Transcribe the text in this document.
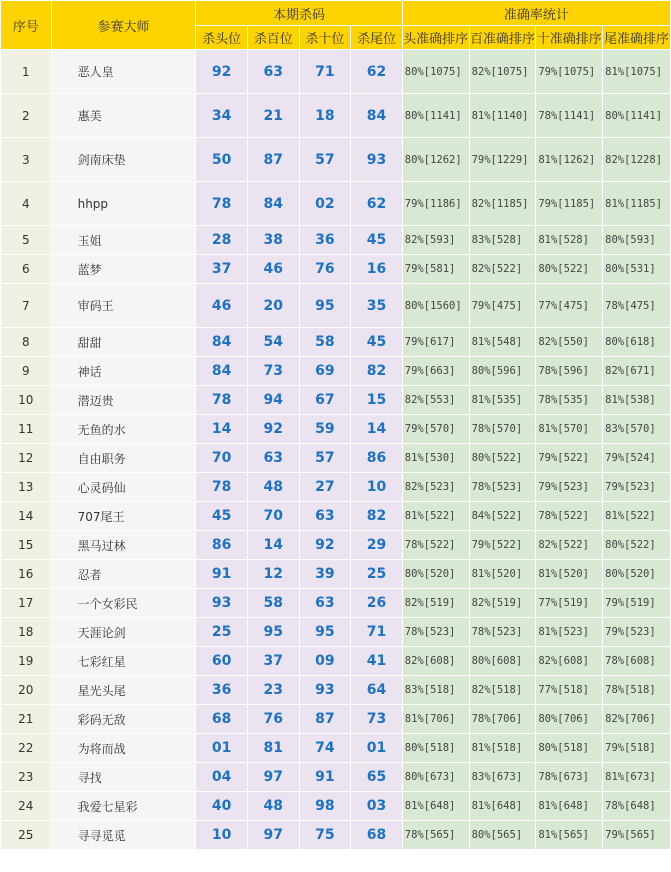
序号	参赛大师	本期杀码				准确率统计			
		杀头位	杀百位	杀十位	杀尾位	头准确排序	百准确排序	十准确排序	尾准确排序
1	恶人皇	92	63	71	62	80%[1075]	82%[1075]	79%[1075]	81%[1075]
2	惠美	34	21	18	84	80%[1141]	81%[1140]	78%[1141]	80%[1141]
3	剑南床垫	50	87	57	93	80%[1262]	79%[1229]	81%[1262]	82%[1228]
4	hhpp	78	84	02	62	79%[1186]	82%[1185]	79%[1185]	81%[1185]
5	玉姐	28	38	36	45	82%[593]	83%[528]	81%[528]	80%[593]
6	蓝梦	37	46	76	16	79%[581]	82%[522]	80%[522]	80%[531]
7	审码王	46	20	95	35	80%[1560]	79%[475]	77%[475]	78%[475]
8	甜甜	84	54	58	45	79%[617]	81%[548]	82%[550]	80%[618]
9	神话	84	73	69	82	79%[663]	80%[596]	78%[596]	82%[671]
10	潜迈贵	78	94	67	15	82%[553]	81%[535]	78%[535]	81%[538]
11	无鱼的水	14	92	59	14	79%[570]	78%[570]	81%[570]	83%[570]
12	自由职务	70	63	57	86	81%[530]	80%[522]	79%[522]	79%[524]
13	心灵码仙	78	48	27	10	82%[523]	78%[523]	79%[523]	79%[523]
14	707尾王	45	70	63	82	81%[522]	84%[522]	78%[522]	81%[522]
15	黑马过林	86	14	92	29	78%[522]	79%[522]	82%[522]	80%[522]
16	忍者	91	12	39	25	80%[520]	81%[520]	81%[520]	80%[520]
17	一个女彩民	93	58	63	26	82%[519]	82%[519]	77%[519]	79%[519]
18	天涯论剑	25	95	95	71	78%[523]	78%[523]	81%[523]	79%[523]
19	七彩红星	60	37	09	41	82%[608]	80%[608]	82%[608]	78%[608]
20	星光头尾	36	23	93	64	83%[518]	82%[518]	77%[518]	78%[518]
21	彩码无敌	68	76	87	73	81%[706]	78%[706]	80%[706]	82%[706]
22	为将而战	01	81	74	01	80%[518]	81%[518]	80%[518]	79%[518]
23	寻找	04	97	91	65	80%[673]	83%[673]	78%[673]	81%[673]
24	我爱七星彩	40	48	98	03	81%[648]	81%[648]	81%[648]	78%[648]
25	寻寻觅觅	10	97	75	68	78%[565]	80%[565]	81%[565]	79%[565]
